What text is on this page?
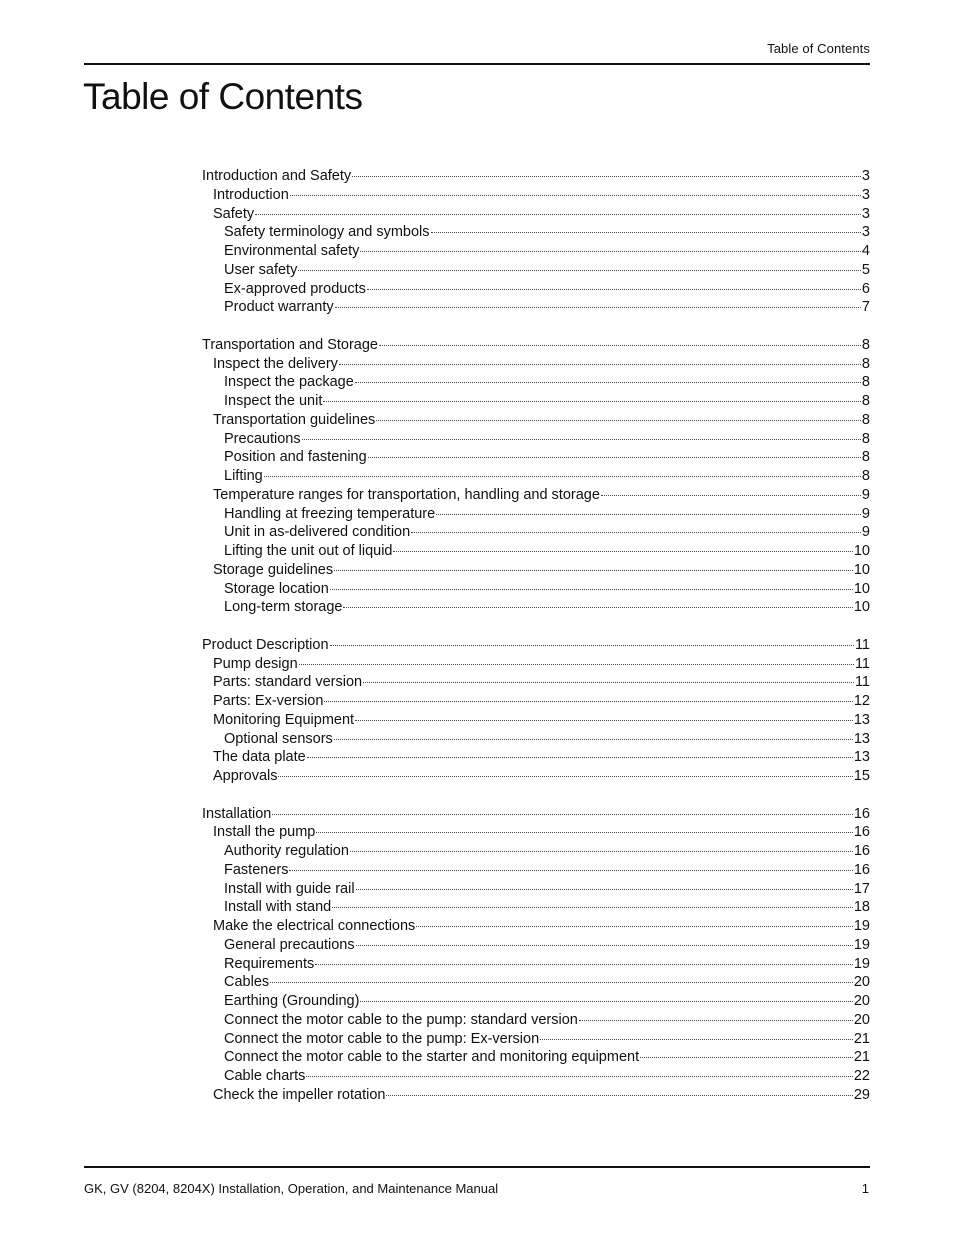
Table of Contents
Table of Contents
Introduction and Safety	3
Introduction	3
Safety	3
Safety terminology and symbols	3
Environmental safety	4
User safety	5
Ex-approved products	6
Product warranty	7
Transportation and Storage	8
Inspect the delivery	8
Inspect the package	8
Inspect the unit	8
Transportation guidelines	8
Precautions	8
Position and fastening	8
Lifting	8
Temperature ranges for transportation, handling and storage	9
Handling at freezing temperature	9
Unit in as-delivered condition	9
Lifting the unit out of liquid	10
Storage guidelines	10
Storage location	10
Long-term storage	10
Product Description	11
Pump design	11
Parts: standard version	11
Parts: Ex-version	12
Monitoring Equipment	13
Optional sensors	13
The data plate	13
Approvals	15
Installation	16
Install the pump	16
Authority regulation	16
Fasteners	16
Install with guide rail	17
Install with stand	18
Make the electrical connections	19
General precautions	19
Requirements	19
Cables	20
Earthing (Grounding)	20
Connect the motor cable to the pump: standard version	20
Connect the motor cable to the pump: Ex-version	21
Connect the motor cable to the starter and monitoring equipment	21
Cable charts	22
Check the impeller rotation	29
GK, GV (8204, 8204X) Installation, Operation, and Maintenance Manual	1
